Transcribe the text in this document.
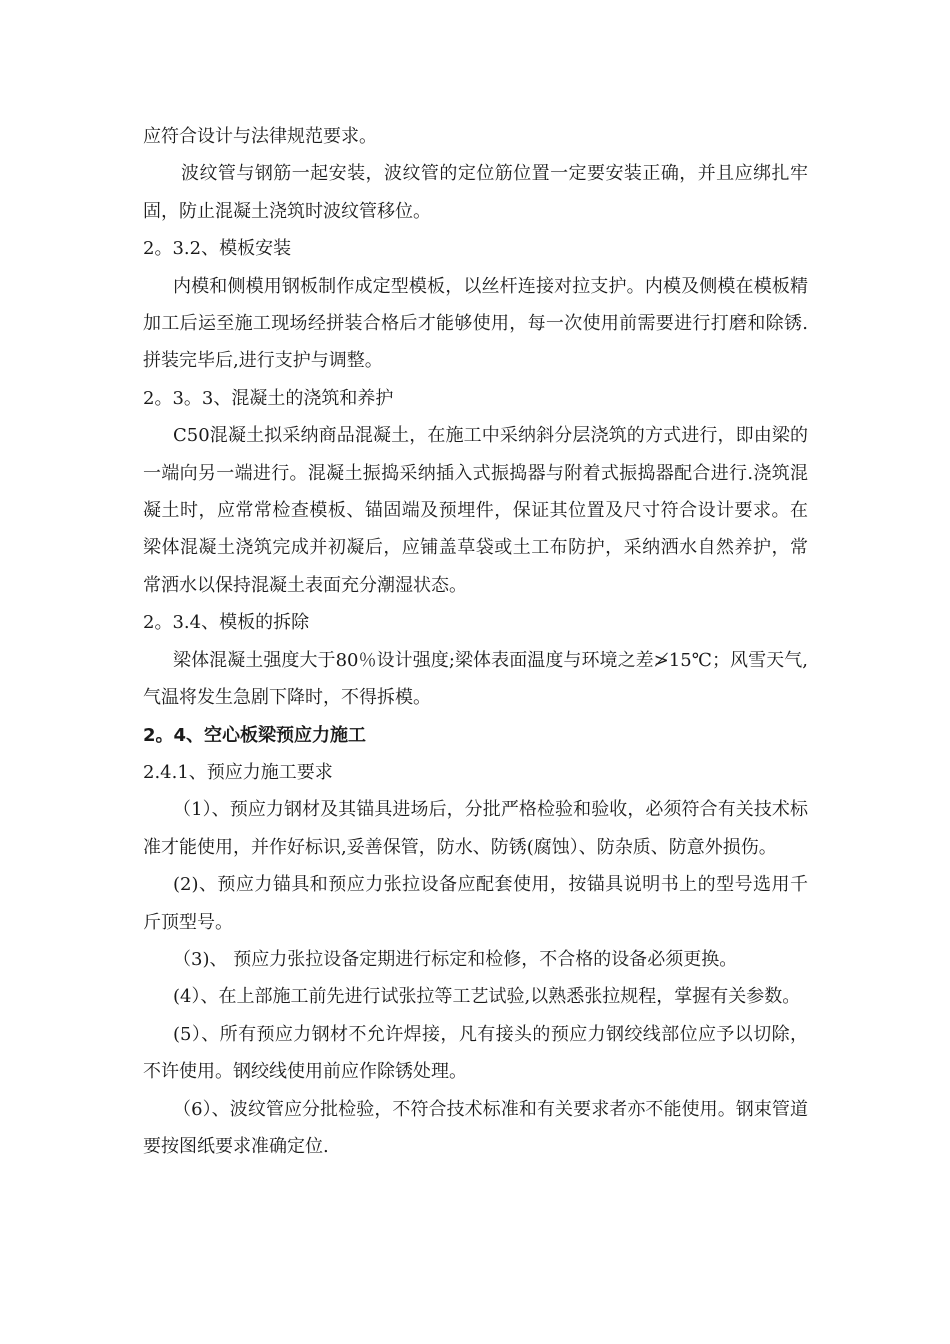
应符合设计与法律规范要求。

波纹管与钢筋一起安装，波纹管的定位筋位置一定要安装正确，并且应绑扎牢固，防止混凝土浇筑时波纹管移位。

2。3.2、模板安装

内模和侧模用钢板制作成定型模板，以丝杆连接对拉支护。内模及侧模在模板精加工后运至施工现场经拼装合格后才能够使用，每一次使用前需要进行打磨和除锈.拼装完毕后,进行支护与调整。

2。3。3、混凝土的浇筑和养护

C50混凝土拟采纳商品混凝土，在施工中采纳斜分层浇筑的方式进行，即由梁的一端向另一端进行。混凝土振捣采纳插入式振捣器与附着式振捣器配合进行.浇筑混凝土时，应常常检查模板、锚固端及预埋件，保证其位置及尺寸符合设计要求。在梁体混凝土浇筑完成并初凝后，应铺盖草袋或土工布防护，采纳洒水自然养护，常常洒水以保持混凝土表面充分潮湿状态。

2。3.4、模板的拆除

梁体混凝土强度大于80％设计强度;梁体表面温度与环境之差≯15℃；风雪天气,气温将发生急剧下降时，不得拆模。

2。4、空心板梁预应力施工

2.4.1、预应力施工要求

（1）、预应力钢材及其锚具进场后，分批严格检验和验收，必须符合有关技术标准才能使用，并作好标识,妥善保管，防水、防锈(腐蚀）、防杂质、防意外损伤。

(2)、预应力锚具和预应力张拉设备应配套使用，按锚具说明书上的型号选用千斤顶型号。

（3)、 预应力张拉设备定期进行标定和检修，不合格的设备必须更换。

(4）、在上部施工前先进行试张拉等工艺试验,以熟悉张拉规程，掌握有关参数。

(5）、所有预应力钢材不允许焊接，凡有接头的预应力钢绞线部位应予以切除，不许使用。钢绞线使用前应作除锈处理。

（6）、波纹管应分批检验，不符合技术标准和有关要求者亦不能使用。钢束管道要按图纸要求准确定位.
